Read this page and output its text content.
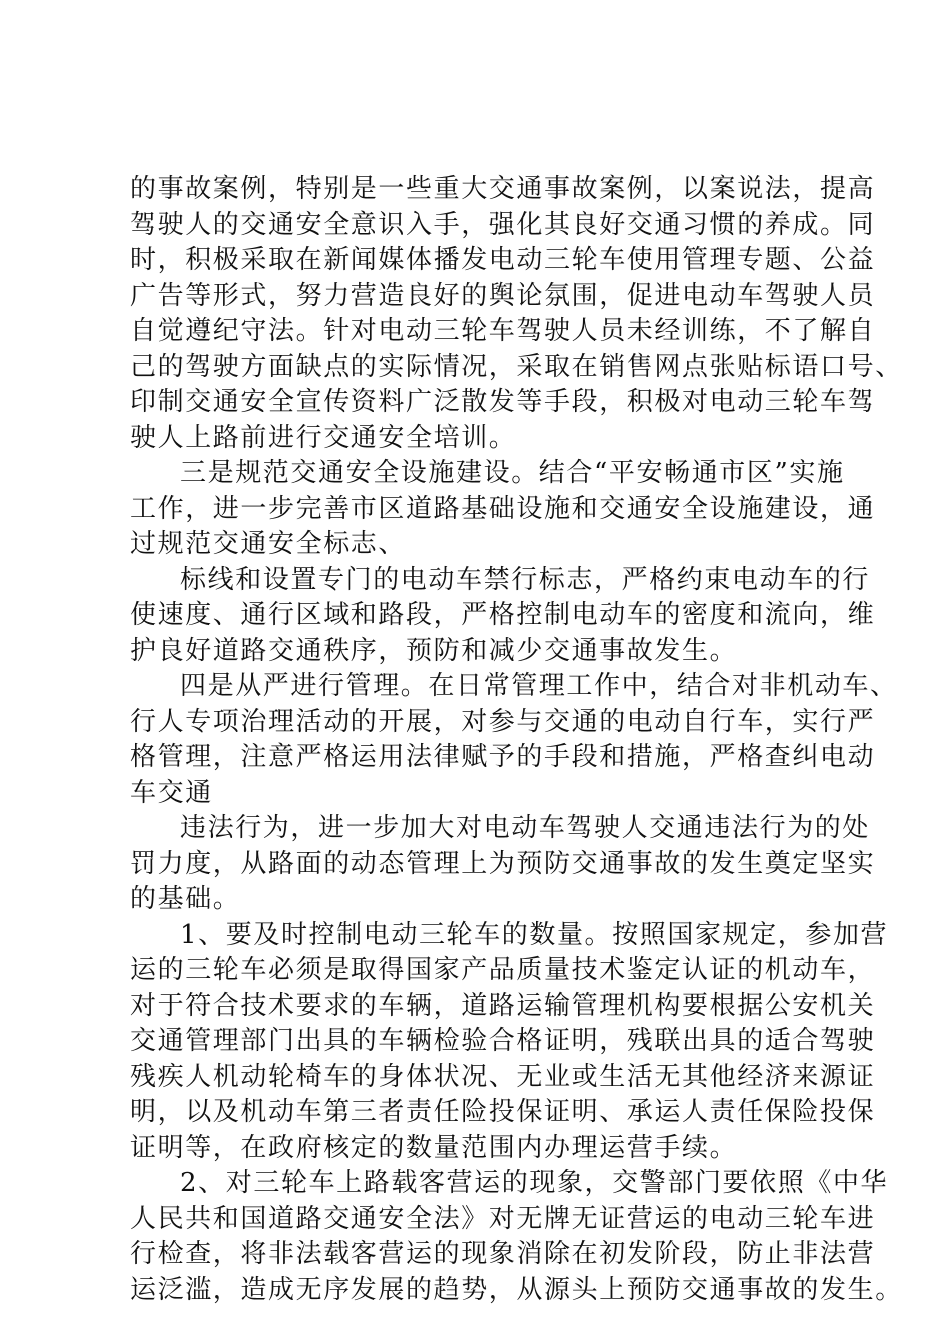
的事故案例，特别是一些重大交通事故案例，以案说法，提高
驾驶人的交通安全意识入手，强化其良好交通习惯的养成。同
时，积极采取在新闻媒体播发电动三轮车使用管理专题、公益
广告等形式，努力营造良好的舆论氛围，促进电动车驾驶人员
自觉遵纪守法。针对电动三轮车驾驶人员未经训练，不了解自
己的驾驶方面缺点的实际情况，采取在销售网点张贴标语口号、
印制交通安全宣传资料广泛散发等手段，积极对电动三轮车驾
驶人上路前进行交通安全培训。
三是规范交通安全设施建设。结合“平安畅通市区”实施
工作，进一步完善市区道路基础设施和交通安全设施建设，通
过规范交通安全标志、
标线和设置专门的电动车禁行标志，严格约束电动车的行
使速度、通行区域和路段，严格控制电动车的密度和流向，维
护良好道路交通秩序，预防和减少交通事故发生。
四是从严进行管理。在日常管理工作中，结合对非机动车、
行人专项治理活动的开展，对参与交通的电动自行车，实行严
格管理，注意严格运用法律赋予的手段和措施，严格查纠电动
车交通
违法行为，进一步加大对电动车驾驶人交通违法行为的处
罚力度，从路面的动态管理上为预防交通事故的发生奠定坚实
的基础。
1、要及时控制电动三轮车的数量。按照国家规定，参加营
运的三轮车必须是取得国家产品质量技术鉴定认证的机动车，
对于符合技术要求的车辆，道路运输管理机构要根据公安机关
交通管理部门出具的车辆检验合格证明，残联出具的适合驾驶
残疾人机动轮椅车的身体状况、无业或生活无其他经济来源证
明，以及机动车第三者责任险投保证明、承运人责任保险投保
证明等，在政府核定的数量范围内办理运营手续。
2、对三轮车上路载客营运的现象，交警部门要依照《中华
人民共和国道路交通安全法》对无牌无证营运的电动三轮车进
行检查，将非法载客营运的现象消除在初发阶段，防止非法营
运泛滥，造成无序发展的趋势，从源头上预防交通事故的发生。
